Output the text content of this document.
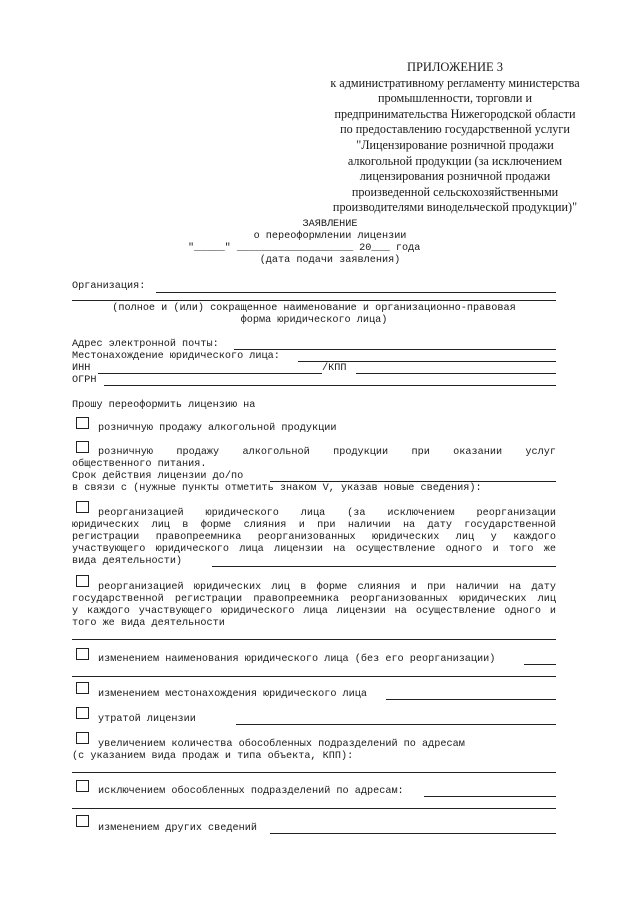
ПРИЛОЖЕНИЕ 3
к административному регламенту министерства
промышленности, торговли и
предпринимательства Нижегородской области
по предоставлению государственной услуги
"Лицензирование розничной продажи
алкогольной продукции (за исключением
лицензирования розничной продажи
произведенной сельскохозяйственными
производителями винодельческой продукции)"
ЗАЯВЛЕНИЕ
о переоформлении лицензии
"_____" ___________________ 20___ года
(дата подачи заявления)
Организация:
(полное и (или) сокращенное наименование и организационно-правовая
форма юридического лица)
Адрес электронной почты:
Местонахождение юридического лица:
ИНН	/КПП
ОГРН
Прошу переоформить лицензию на
розничную продажу алкогольной продукции
розничную продажу алкогольной продукции при оказании услуг
общественного питания.
Срок действия лицензии до/по
в связи с (нужные пункты отметить знаком V, указав новые сведения):
реорганизацией юридического лица (за исключением реорганизации
юридических лиц в форме слияния и при наличии на дату государственной
регистрации правопреемника реорганизованных юридических лиц у каждого
участвующего юридического лица лицензии на осуществление одного и того же
вида деятельности)
реорганизацией юридических лиц в форме слияния и при наличии на дату
государственной регистрации правопреемника реорганизованных юридических лиц
у каждого участвующего юридического лица лицензии на осуществление одного и
того же вида деятельности
изменением наименования юридического лица (без его реорганизации)
изменением местонахождения юридического лица
утратой лицензии
увеличением количества обособленных подразделений по адресам
(с указанием вида продаж и типа объекта, КПП):
исключением обособленных подразделений по адресам:
изменением других сведений
